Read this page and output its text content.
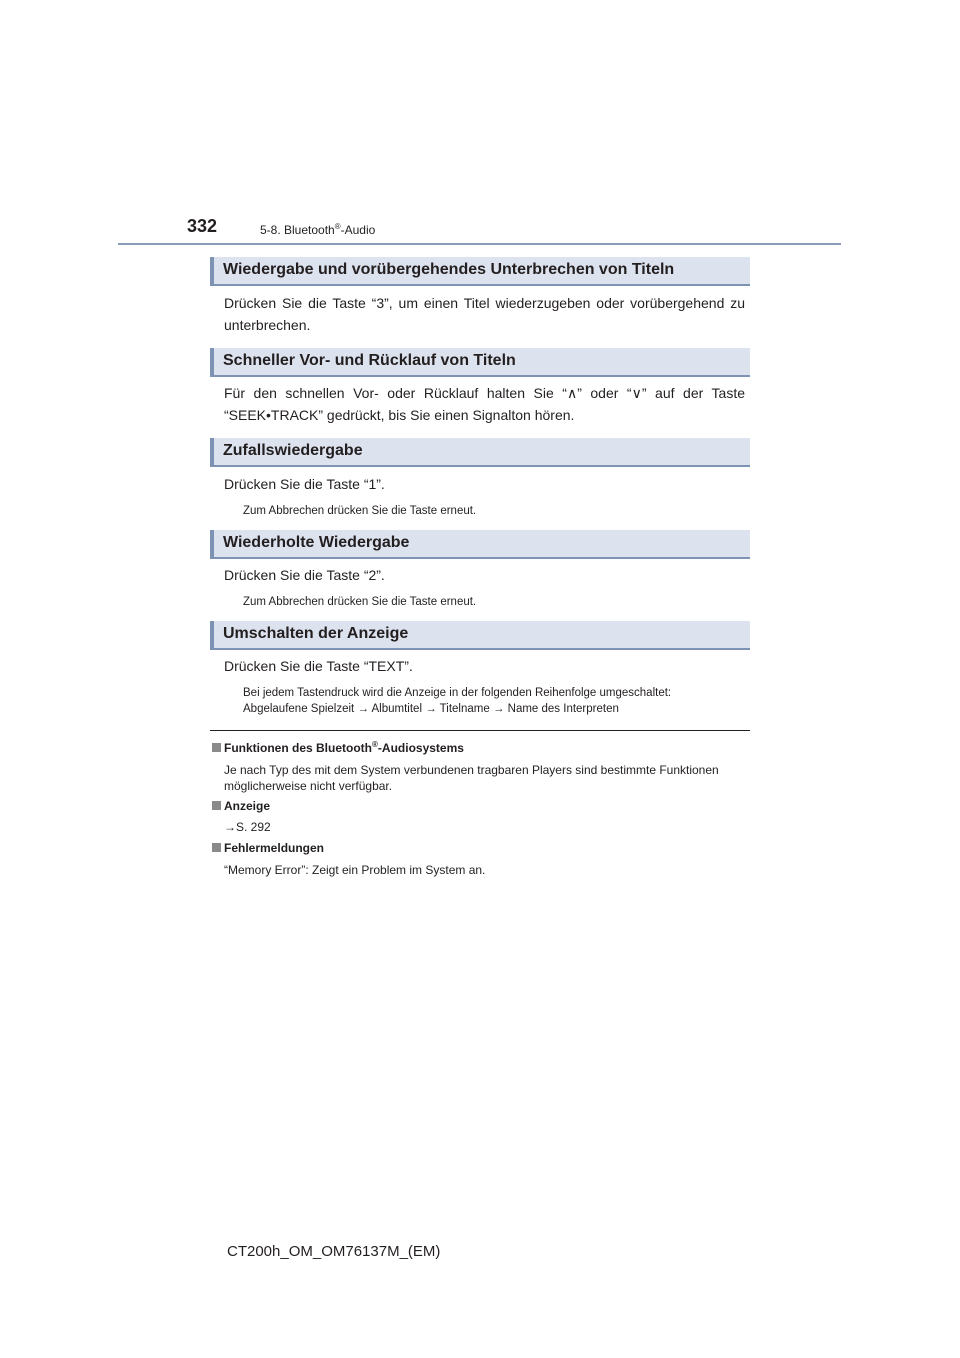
332	5-8. Bluetooth®-Audio
Wiedergabe und vorübergehendes Unterbrechen von Titeln
Drücken Sie die Taste “3”, um einen Titel wiederzugeben oder vorübergehend zu unterbrechen.
Schneller Vor- und Rücklauf von Titeln
Für den schnellen Vor- oder Rücklauf halten Sie “∧” oder “∨” auf der Taste “SEEK•TRACK” gedrückt, bis Sie einen Signalton hören.
Zufallswiedergabe
Drücken Sie die Taste “1”.
Zum Abbrechen drücken Sie die Taste erneut.
Wiederholte Wiedergabe
Drücken Sie die Taste “2”.
Zum Abbrechen drücken Sie die Taste erneut.
Umschalten der Anzeige
Drücken Sie die Taste “TEXT”.
Bei jedem Tastendruck wird die Anzeige in der folgenden Reihenfolge umgeschaltet:
Abgelaufene Spielzeit → Albumtitel → Titelname → Name des Interpreten
Funktionen des Bluetooth®-Audiosystems
Je nach Typ des mit dem System verbundenen tragbaren Players sind bestimmte Funktionen möglicherweise nicht verfügbar.
Anzeige
→S. 292
Fehlermeldungen
“Memory Error”: Zeigt ein Problem im System an.
CT200h_OM_OM76137M_(EM)
